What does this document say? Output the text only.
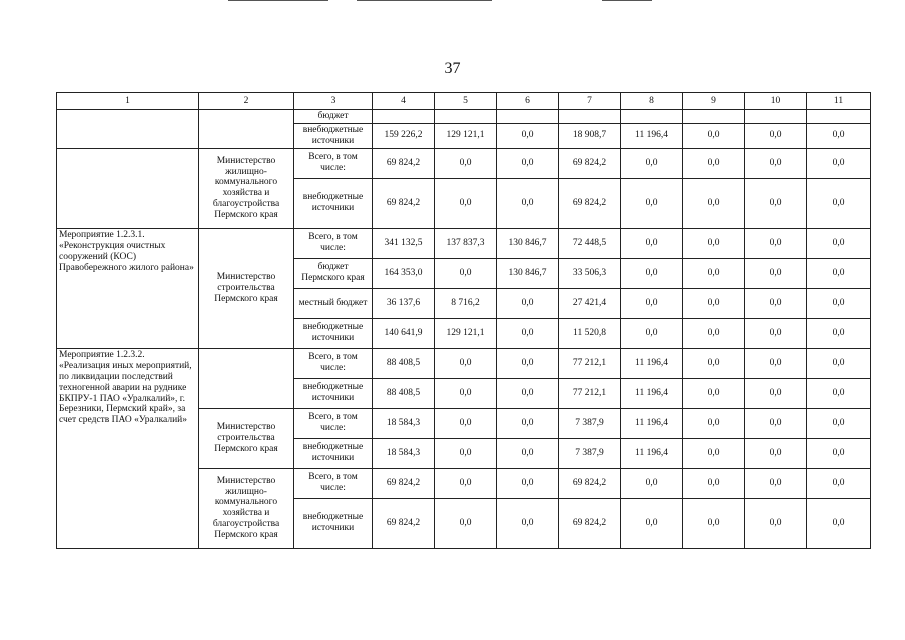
37
1	2	3	4	5	6	7	8	9	10	11
		бюджет								
		внебюджетные источники	159 226,2	129 121,1	0,0	18 908,7	11 196,4	0,0	0,0	0,0
	Министерство жилищно-коммунального хозяйства и благоустройства Пермского края	Всего, в том числе:	69 824,2	0,0	0,0	69 824,2	0,0	0,0	0,0	0,0
		внебюджетные источники	69 824,2	0,0	0,0	69 824,2	0,0	0,0	0,0	0,0
Мероприятие 1.2.3.1. «Реконструкция очистных сооружений (КОС) Правобережного жилого района»	Министерство строительства Пермского края	Всего, в том числе:	341 132,5	137 837,3	130 846,7	72 448,5	0,0	0,0	0,0	0,0
		бюджет Пермского края	164 353,0	0,0	130 846,7	33 506,3	0,0	0,0	0,0	0,0
		местный бюджет	36 137,6	8 716,2	0,0	27 421,4	0,0	0,0	0,0	0,0
		внебюджетные источники	140 641,9	129 121,1	0,0	11 520,8	0,0	0,0	0,0	0,0
Мероприятие 1.2.3.2. «Реализация иных мероприятий, по ликвидации последствий техногенной аварии на руднике БКПРУ-1 ПАО «Уралкалий», г. Березники, Пермский край», за счет средств ПАО «Уралкалий»		Всего, в том числе:	88 408,5	0,0	0,0	77 212,1	11 196,4	0,0	0,0	0,0
		внебюджетные источники	88 408,5	0,0	0,0	77 212,1	11 196,4	0,0	0,0	0,0
	Министерство строительства Пермского края	Всего, в том числе:	18 584,3	0,0	0,0	7 387,9	11 196,4	0,0	0,0	0,0
		внебюджетные источники	18 584,3	0,0	0,0	7 387,9	11 196,4	0,0	0,0	0,0
	Министерство жилищно-коммунального хозяйства и благоустройства Пермского края	Всего, в том числе:	69 824,2	0,0	0,0	69 824,2	0,0	0,0	0,0	0,0
		внебюджетные источники	69 824,2	0,0	0,0	69 824,2	0,0	0,0	0,0	0,0
